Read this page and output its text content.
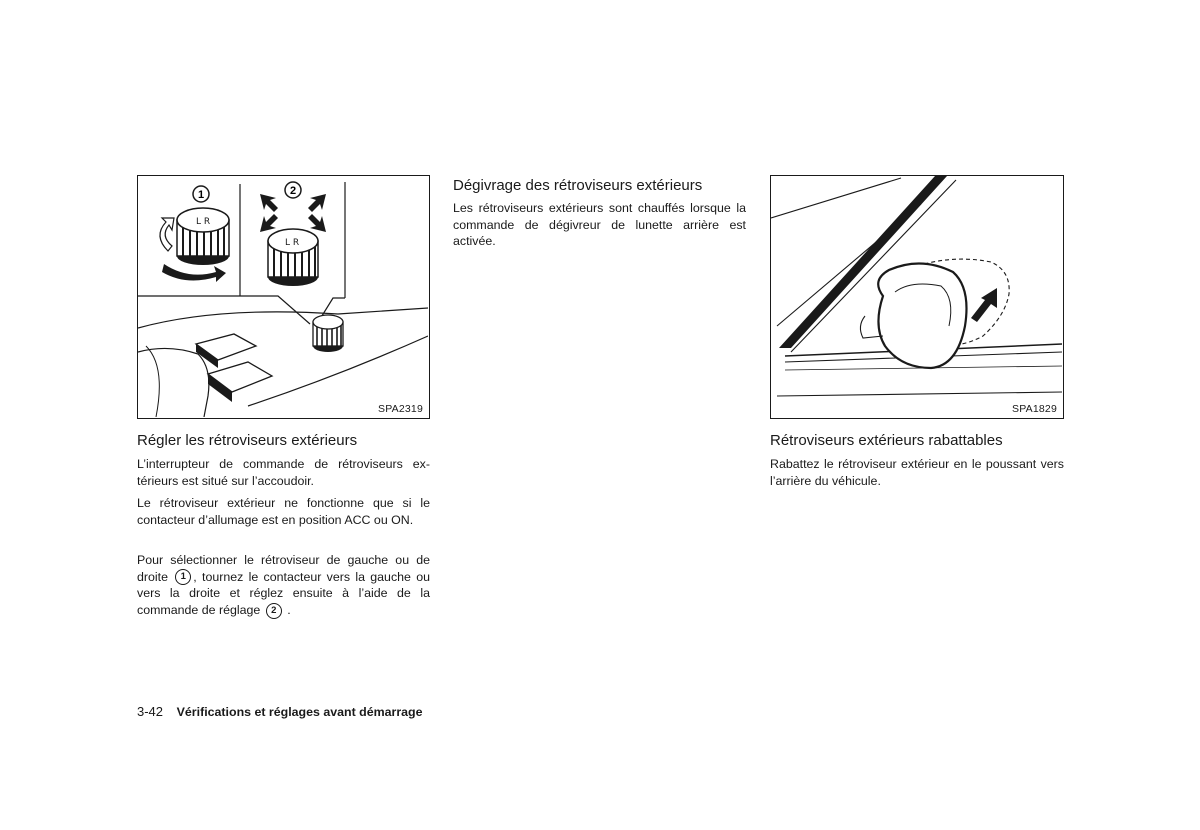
L R
1
L R
2
SPA2319	SPA1829
Régler les rétroviseurs extérieurs

L’interrupteur de commande de rétroviseurs ex-térieurs est situé sur l’accoudoir.

Le rétroviseur extérieur ne fonctionne que si le contacteur d’allumage est en position ACC ou ON.

Pour sélectionner le rétroviseur de gauche ou de droite 1 , tournez le contacteur vers la gauche ou vers la droite et réglez ensuite à l’aide de la commande de réglage 2 .

Dégivrage des rétroviseurs extérieurs

Les rétroviseurs extérieurs sont chauffés lorsque la commande de dégivreur de lunette arrière est activée.

Rétroviseurs extérieurs rabattables

Rabattez le rétroviseur extérieur en le poussant vers l’arrière du véhicule.

3-42 Vérifications et réglages avant démarrage
